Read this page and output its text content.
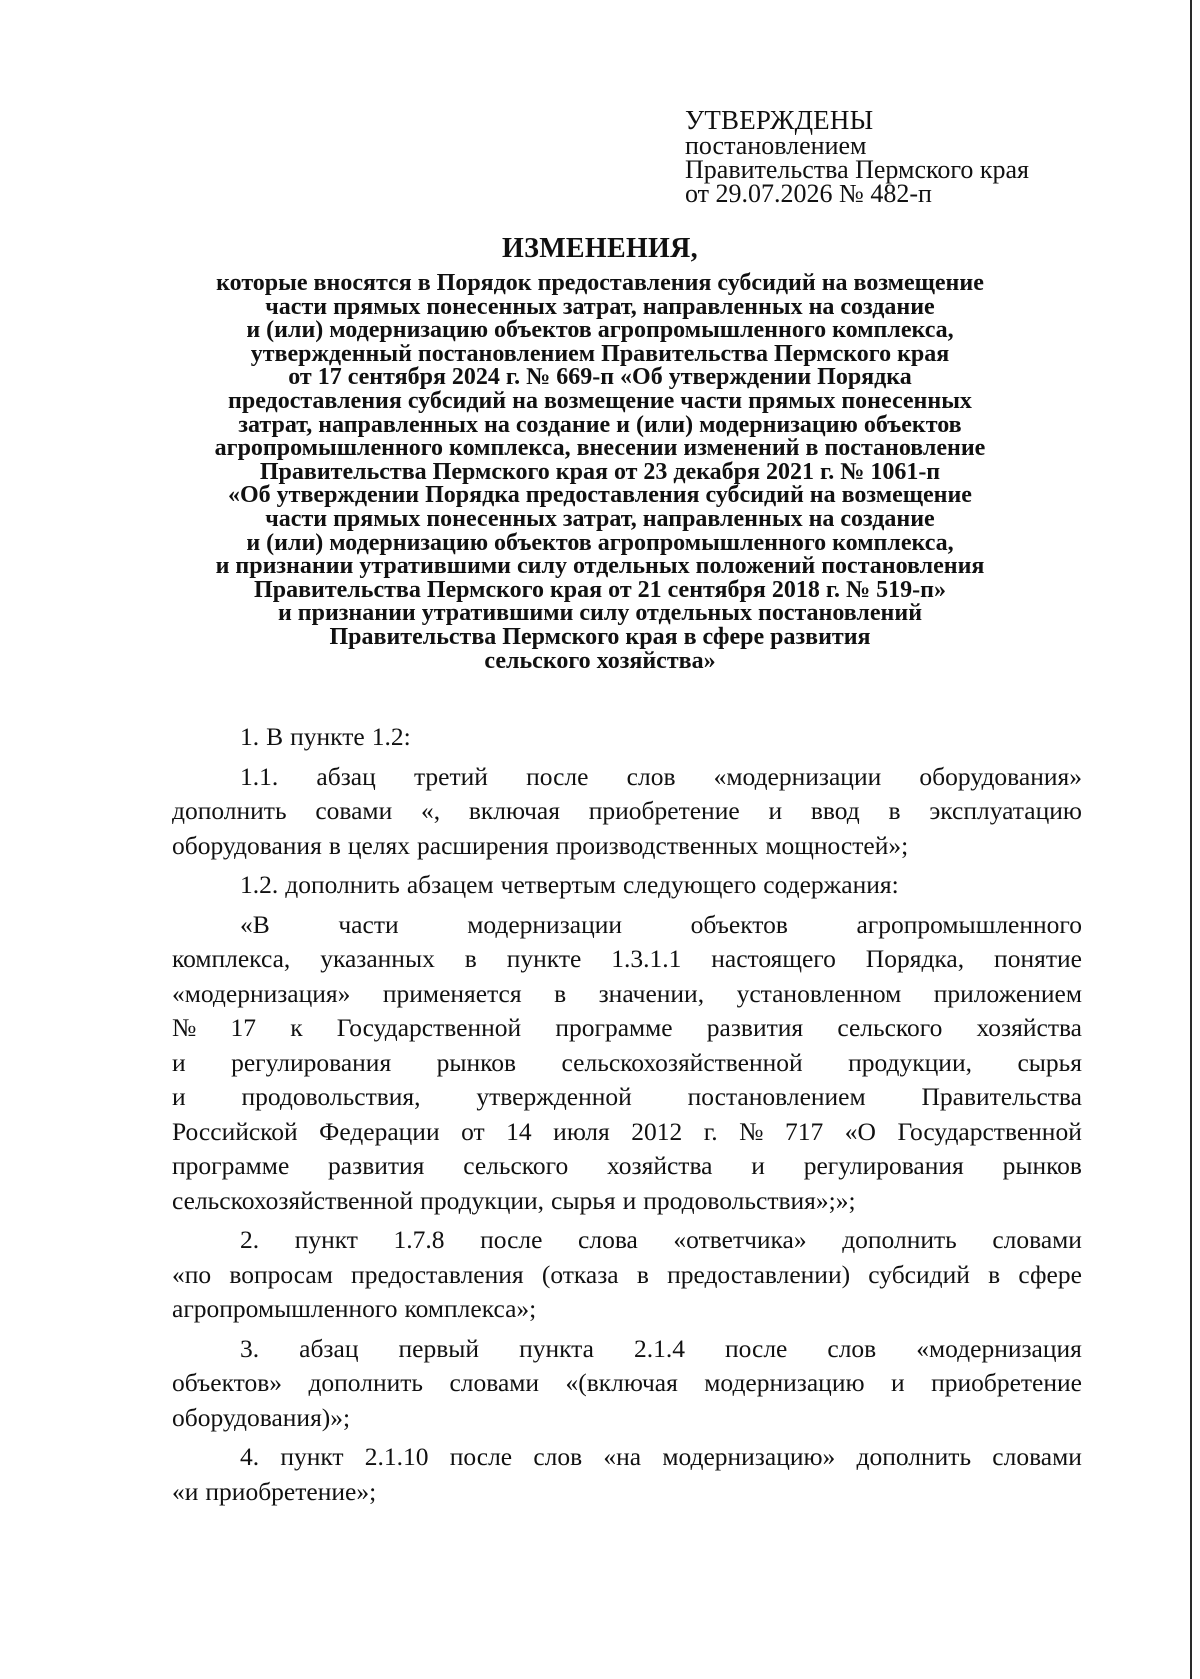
УТВЕРЖДЕНЫ
постановлением
Правительства Пермского края
от 29.07.2026 № 482-п
ИЗМЕНЕНИЯ,
которые вносятся в Порядок предоставления субсидий на возмещение
части прямых понесенных затрат, направленных на создание
и (или) модернизацию объектов агропромышленного комплекса,
утвержденный постановлением Правительства Пермского края
от 17 сентября 2024 г. № 669-п «Об утверждении Порядка
предоставления субсидий на возмещение части прямых понесенных
затрат, направленных на создание и (или) модернизацию объектов
агропромышленного комплекса, внесении изменений в постановление
Правительства Пермского края от 23 декабря 2021 г. № 1061-п
«Об утверждении Порядка предоставления субсидий на возмещение
части прямых понесенных затрат, направленных на создание
и (или) модернизацию объектов агропромышленного комплекса,
и признании утратившими силу отдельных положений постановления
Правительства Пермского края от 21 сентября 2018 г. № 519-п»
и признании утратившими силу отдельных постановлений
Правительства Пермского края в сфере развития
сельского хозяйства»
1. В пункте 1.2:
1.1. абзац третий после слов «модернизации оборудования»
дополнить совами «, включая приобретение и ввод в эксплуатацию
оборудования в целях расширения производственных мощностей»;
1.2. дополнить абзацем четвертым следующего содержания:
«В	части	модернизации	объектов	агропромышленного
комплекса, указанных в пункте 1.3.1.1 настоящего Порядка, понятие
«модернизация» применяется в значении, установленном приложением
№ 17 к Государственной программе развития сельского хозяйства
и регулирования рынков сельскохозяйственной продукции, сырья
и продовольствия, утвержденной постановлением Правительства
Российской Федерации от 14 июля 2012 г. № 717 «О Государственной
программе развития сельского хозяйства и регулирования рынков
сельскохозяйственной продукции, сырья и продовольствия»;»;
2. пункт 1.7.8 после слова «ответчика» дополнить словами
«по вопросам предоставления (отказа в предоставлении) субсидий в сфере
агропромышленного комплекса»;
3. абзац первый пункта 2.1.4 после слов «модернизация
объектов» дополнить словами «(включая модернизацию и приобретение
оборудования)»;
4. пункт 2.1.10 после слов «на модернизацию» дополнить словами
«и приобретение»;
